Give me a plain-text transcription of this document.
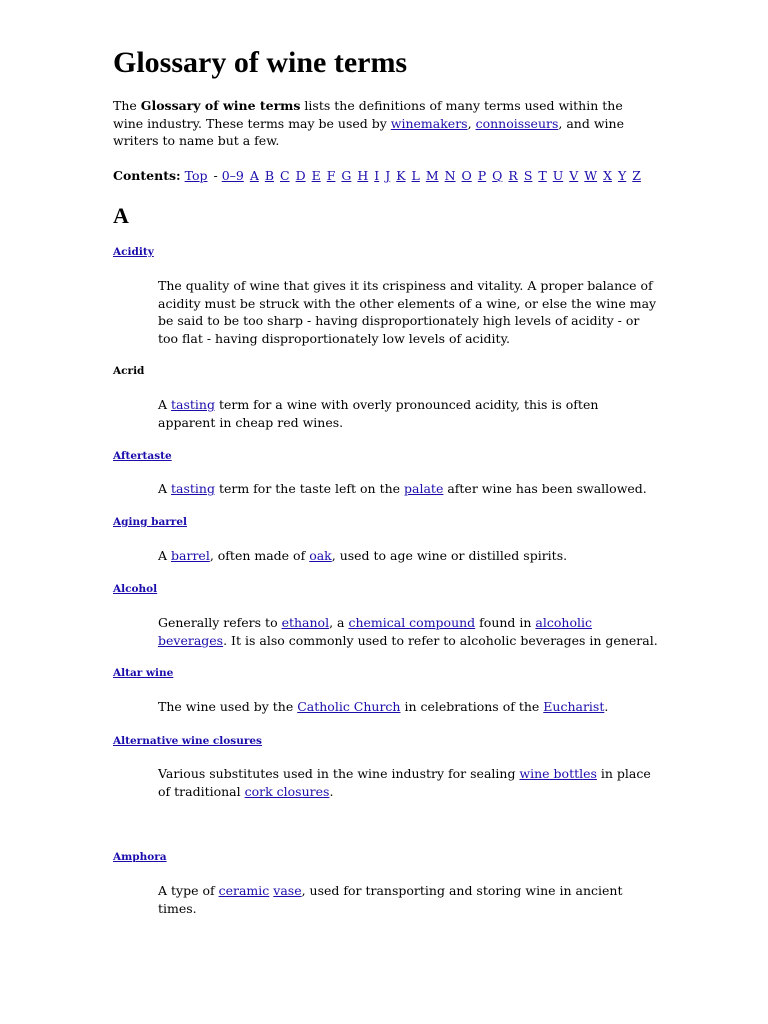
Glossary of wine terms

The Glossary of wine terms lists the definitions of many terms used within the wine industry. These terms may be used by winemakers, connoisseurs, and wine writers to name but a few.

Contents: Top - 0–9 A B C D E F G H I J K L M N O P Q R S T U V W X Y Z

A
Acidity

The quality of wine that gives it its crispiness and vitality. A proper balance of acidity must be struck with the other elements of a wine, or else the wine may be said to be too sharp - having disproportionately high levels of acidity - or too flat - having disproportionately low levels of acidity.

Acrid

A tasting term for a wine with overly pronounced acidity, this is often apparent in cheap red wines.

Aftertaste

A tasting term for the taste left on the palate after wine has been swallowed.

Aging barrel

A barrel, often made of oak, used to age wine or distilled spirits.

Alcohol

Generally refers to ethanol, a chemical compound found in alcoholic beverages. It is also commonly used to refer to alcoholic beverages in general.

Altar wine

The wine used by the Catholic Church in celebrations of the Eucharist.

Alternative wine closures

Various substitutes used in the wine industry for sealing wine bottles in place of traditional cork closures.

Amphora

A type of ceramic vase, used for transporting and storing wine in ancient times.
